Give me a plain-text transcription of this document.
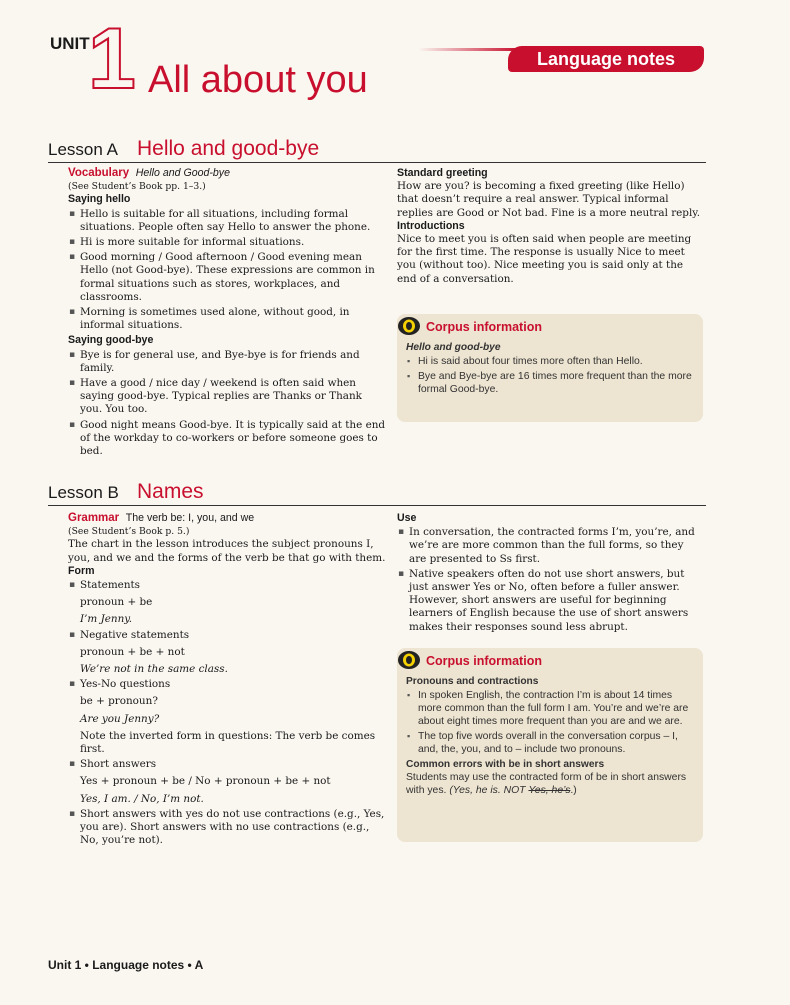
UNIT
1 All about you	Language notes
Lesson A Hello and good-bye

Vocabulary Hello and Good-bye

(See Student’s Book pp. 1–3.)

Saying hello

▪ Hello is suitable for all situations, including formal situations. People often say Hello to answer the phone.
▪ Hi is more suitable for informal situations.
▪ Good morning / Good afternoon / Good evening mean Hello (not Good-bye). These expressions are common in formal situations such as stores, workplaces, and classrooms.
▪ Morning is sometimes used alone, without good, in informal situations.

Saying good-bye

▪ Bye is for general use, and Bye-bye is for friends and family.
▪ Have a good / nice day / weekend is often said when saying good-bye. Typical replies are Thanks or Thank you. You too.
▪ Good night means Good-bye. It is typically said at the end of the workday to co-workers or before someone goes to bed.

Standard greeting

How are you? is becoming a fixed greeting (like Hello) that doesn’t require a real answer. Typical informal replies are Good or Not bad. Fine is a more neutral reply.

Introductions

Nice to meet you is often said when people are meeting for the first time. The response is usually Nice to meet you (without too). Nice meeting you is said only at the end of a conversation.

Corpus information

Hello and good-bye

▪ Hi is said about four times more often than Hello.
▪ Bye and Bye-bye are 16 times more frequent than the more formal Good-bye.
Lesson B Names

Grammar The verb be: I, you, and we

(See Student’s Book p. 5.)

The chart in the lesson introduces the subject pronouns I, you, and we and the forms of the verb be that go with them.

Form

▪ Statements
pronoun + be
I’m Jenny.
▪ Negative statements
pronoun + be + not
We’re not in the same class.
▪ Yes-No questions
be + pronoun?
Are you Jenny?
Note the inverted form in questions: The verb be comes first.
▪ Short answers
Yes + pronoun + be / No + pronoun + be + not
Yes, I am. / No, I’m not.
▪ Short answers with yes do not use contractions (e.g., Yes, you are). Short answers with no use contractions (e.g., No, you’re not).

Use

▪ In conversation, the contracted forms I’m, you’re, and we’re are more common than the full forms, so they are presented to Ss first.
▪ Native speakers often do not use short answers, but just answer Yes or No, often before a fuller answer. However, short answers are useful for beginning learners of English because the use of short answers makes their responses sound less abrupt.
Corpus information

Pronouns and contractions

▪ In spoken English, the contraction I’m is about 14 times more common than the full form I am. You’re and we’re are about eight times more frequent than you are and we are.
▪ The top five words overall in the conversation corpus – I, and, the, you, and to – include two pronouns.

Common errors with be in short answers

Students may use the contracted form of be in short answers with yes. (Yes, he is. NOT Yes, he’s.)

Unit 1 • Language notes • A
